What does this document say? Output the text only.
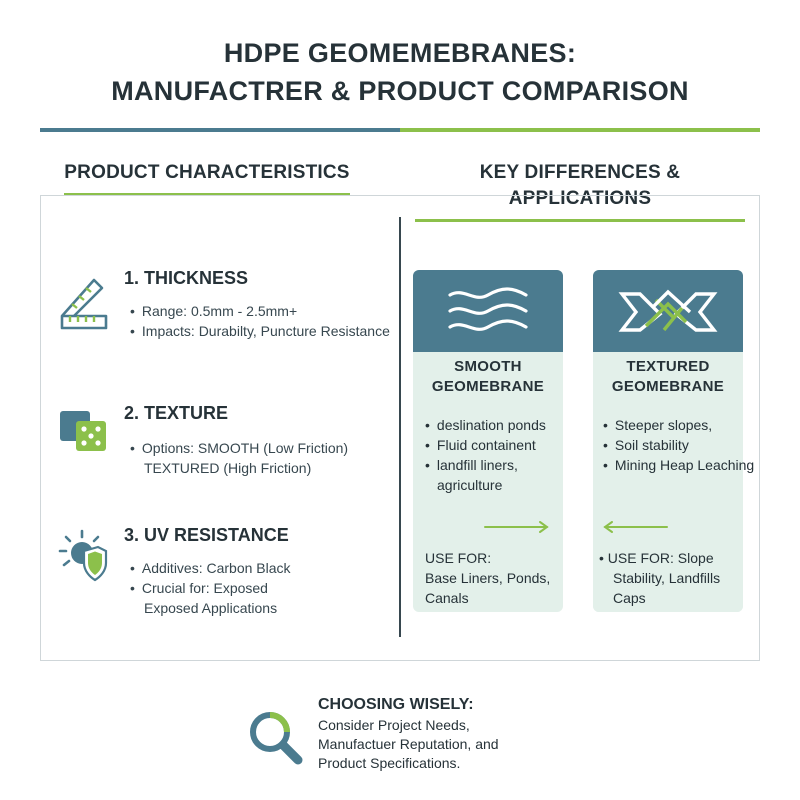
HDPE GEOMEMEBRANES:
MANUFACTRER & PRODUCT COMPARISON
PRODUCT CHARACTERISTICS	KEY DIFFERENCES & APPLICATIONS
1. THICKNESS
• Range: 0.5mm - 2.5mm+
• Impacts: Durabilty, Puncture Resistance
2. TEXTURE
• Options: SMOOTH (Low Friction)
TEXTURED (High Friction)
3. UV RESISTANCE
• Additives: Carbon Black
• Crucial for: Exposed
Exposed Applications
SMOOTH
GEOMEBRANE
• deslination ponds
• Fluid containent
• landfill liners,
agriculture
USE FOR:
Base Liners, Ponds,
Canals
TEXTURED
GEOMEBRANE
• Steeper slopes,
• Soil stability
• Mining Heap Leaching
• USE FOR: Slope
Stability, Landfills
Caps
CHOOSING WISELY:

Consider Project Needs,

Manufactuer Reputation, and

Product Specifications.
